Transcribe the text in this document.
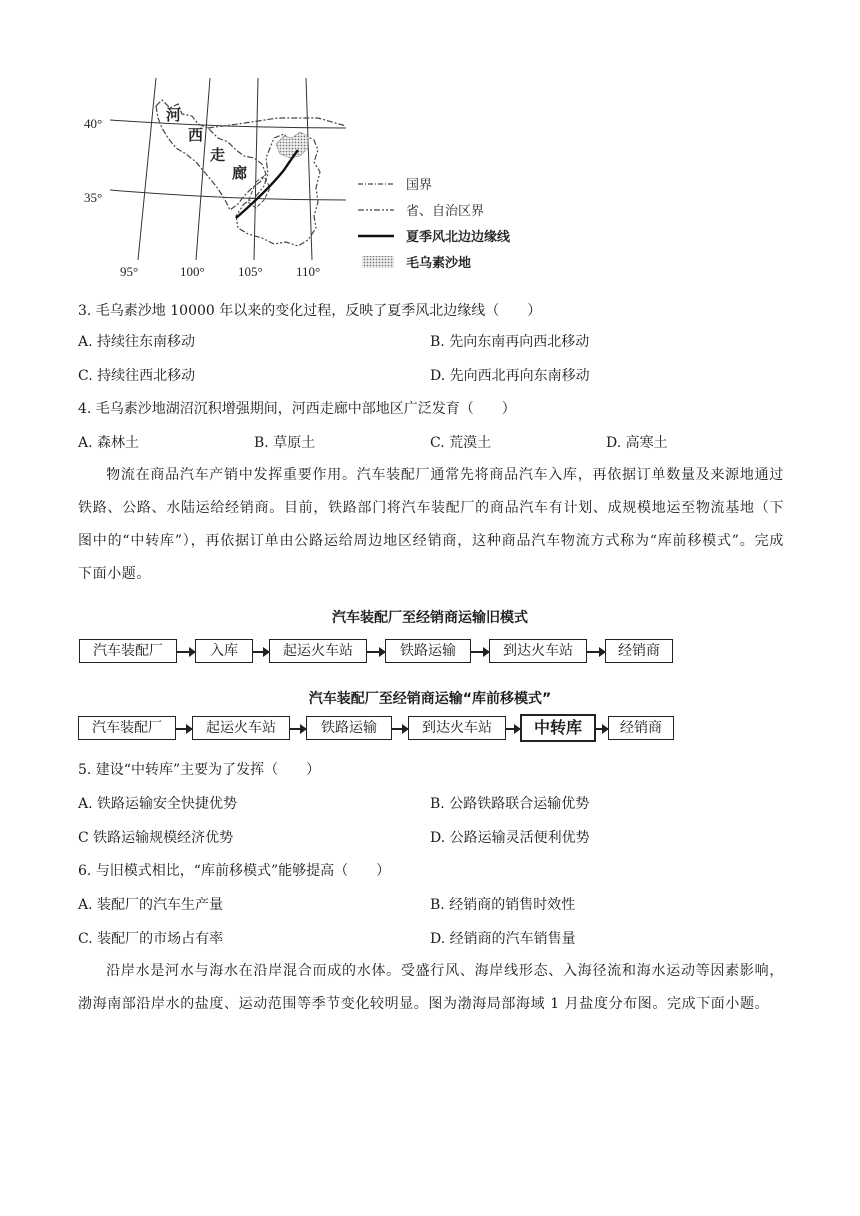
40°
35°
95°	100°	105°	110°
河
西
走
廊
国界
省、自治区界
夏季风北边边缘线
毛乌素沙地
3. 毛乌素沙地 10000 年以来的变化过程，反映了夏季风北边缘线（　　）
A. 持续往东南移动	B. 先向东南再向西北移动
C. 持续往西北移动	D. 先向西北再向东南移动
4. 毛乌素沙地湖沼沉积增强期间，河西走廊中部地区广泛发育（　　）
A. 森林土	B. 草原土	C. 荒漠土	D. 高寒土
物流在商品汽车产销中发挥重要作用。汽车装配厂通常先将商品汽车入库，再依据订单数量及来源地通过铁路、公路、水陆运给经销商。目前，铁路部门将汽车装配厂的商品汽车有计划、成规模地运至物流基地（下图中的“中转库”），再依据订单由公路运给周边地区经销商，这种商品汽车物流方式称为“库前移模式”。完成下面小题。
汽车装配厂至经销商运输旧模式
汽车装配厂	入库	起运火车站	铁路运输	到达火车站	经销商
汽车装配厂至经销商运输“库前移模式”
汽车装配厂	起运火车站	铁路运输	到达火车站	中转库	经销商
5. 建设“中转库”主要为了发挥（　　）
A. 铁路运输安全快捷优势	B. 公路铁路联合运输优势
C 铁路运输规模经济优势	D. 公路运输灵活便利优势
6. 与旧模式相比，“库前移模式”能够提高（　　）
A. 装配厂的汽车生产量	B. 经销商的销售时效性
C. 装配厂的市场占有率	D. 经销商的汽车销售量
沿岸水是河水与海水在沿岸混合而成的水体。受盛行风、海岸线形态、入海径流和海水运动等因素影响，渤海南部沿岸水的盐度、运动范围等季节变化较明显。图为渤海局部海域 1 月盐度分布图。完成下面小题。
